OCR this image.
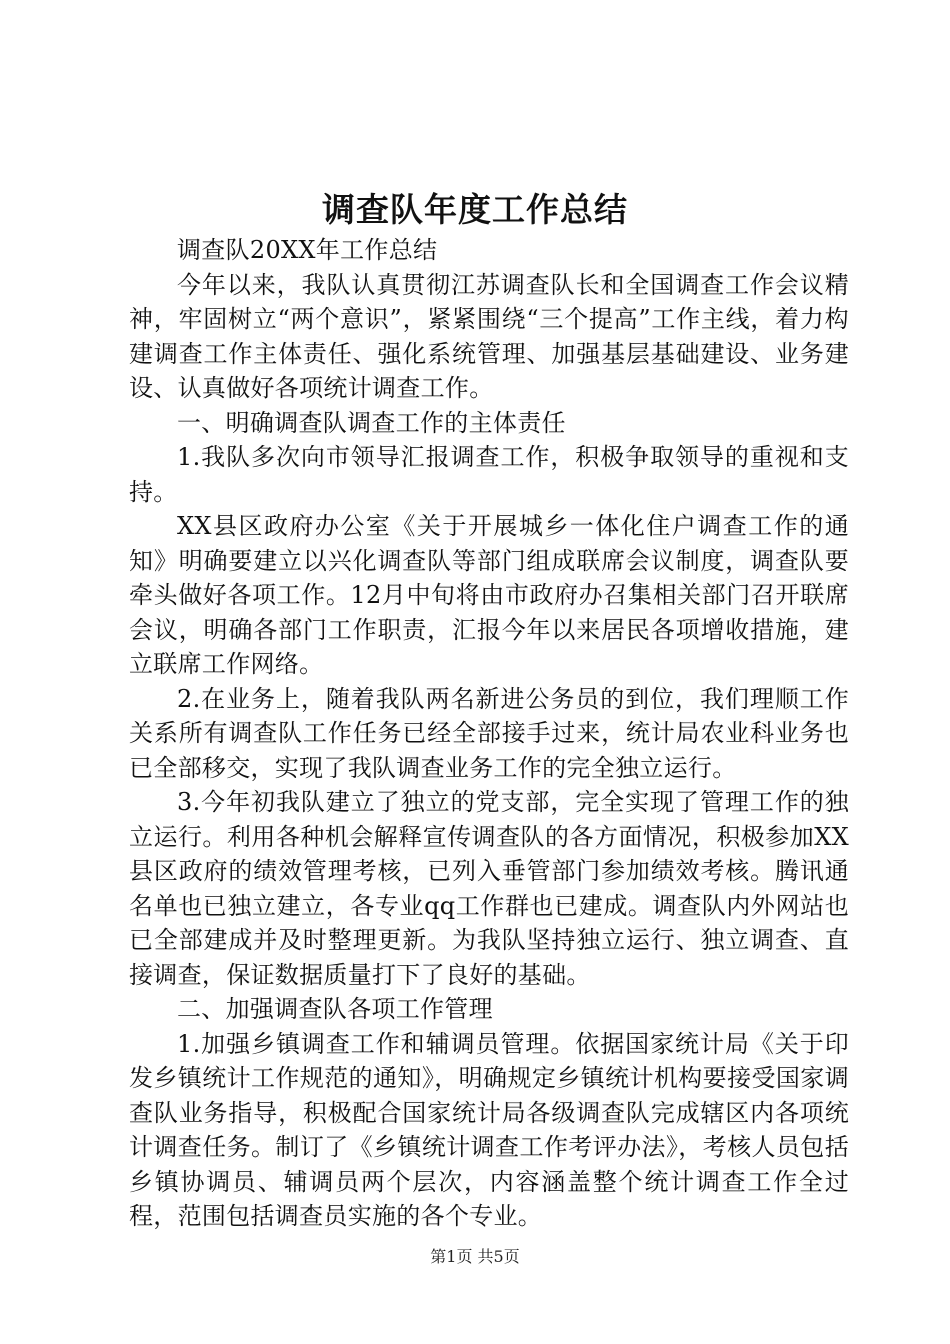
调查队年度工作总结

调查队20XX年工作总结

今年以来，我队认真贯彻江苏调查队长和全国调查工作会议精神，牢固树立“两个意识”，紧紧围绕“三个提高”工作主线，着力构建调查工作主体责任、强化系统管理、加强基层基础建设、业务建设、认真做好各项统计调查工作。

一、明确调查队调查工作的主体责任

1.我队多次向市领导汇报调查工作，积极争取领导的重视和支持。

XX县区政府办公室《关于开展城乡一体化住户调查工作的通知》明确要建立以兴化调查队等部门组成联席会议制度，调查队要牵头做好各项工作。12月中旬将由市政府办召集相关部门召开联席会议，明确各部门工作职责，汇报今年以来居民各项增收措施，建立联席工作网络。

2.在业务上，随着我队两名新进公务员的到位，我们理顺工作关系所有调查队工作任务已经全部接手过来，统计局农业科业务也已全部移交，实现了我队调查业务工作的完全独立运行。

3.今年初我队建立了独立的党支部，完全实现了管理工作的独立运行。利用各种机会解释宣传调查队的各方面情况，积极参加XX县区政府的绩效管理考核，已列入垂管部门参加绩效考核。腾讯通名单也已独立建立，各专业qq工作群也已建成。调查队内外网站也已全部建成并及时整理更新。为我队坚持独立运行、独立调查、直接调查，保证数据质量打下了良好的基础。

二、加强调查队各项工作管理

1.加强乡镇调查工作和辅调员管理。依据国家统计局《关于印发乡镇统计工作规范的通知》，明确规定乡镇统计机构要接受国家调查队业务指导，积极配合国家统计局各级调查队完成辖区内各项统计调查任务。制订了《乡镇统计调查工作考评办法》，考核人员包括乡镇协调员、辅调员两个层次，内容涵盖整个统计调查工作全过程，范围包括调查员实施的各个专业。

第1页 共5页
